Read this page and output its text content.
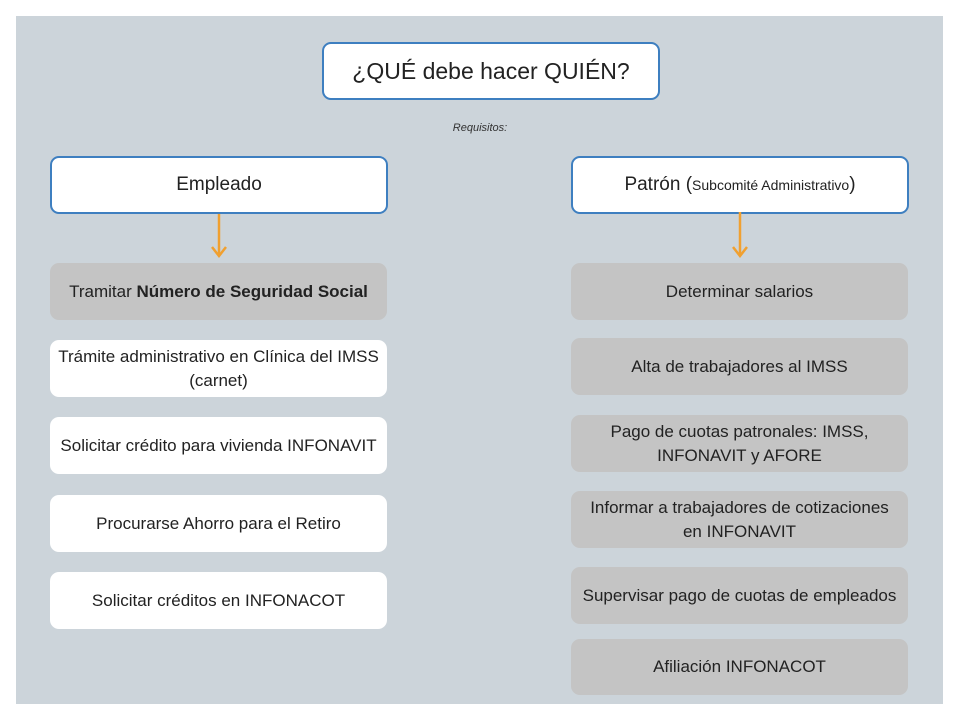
¿QUÉ debe hacer QUIÉN?
Requisitos:
Empleado	Patrón (Subcomité Administrativo)
Tramitar Número de Seguridad Social
Trámite administrativo en Clínica del IMSS (carnet)
Solicitar crédito para vivienda INFONAVIT
Procurarse Ahorro para el Retiro
Solicitar créditos en INFONACOT
Determinar salarios
Alta de trabajadores al IMSS
Pago de cuotas patronales: IMSS, INFONAVIT y AFORE
Informar a trabajadores de cotizaciones en INFONAVIT
Supervisar pago de cuotas de empleados
Afiliación INFONACOT
